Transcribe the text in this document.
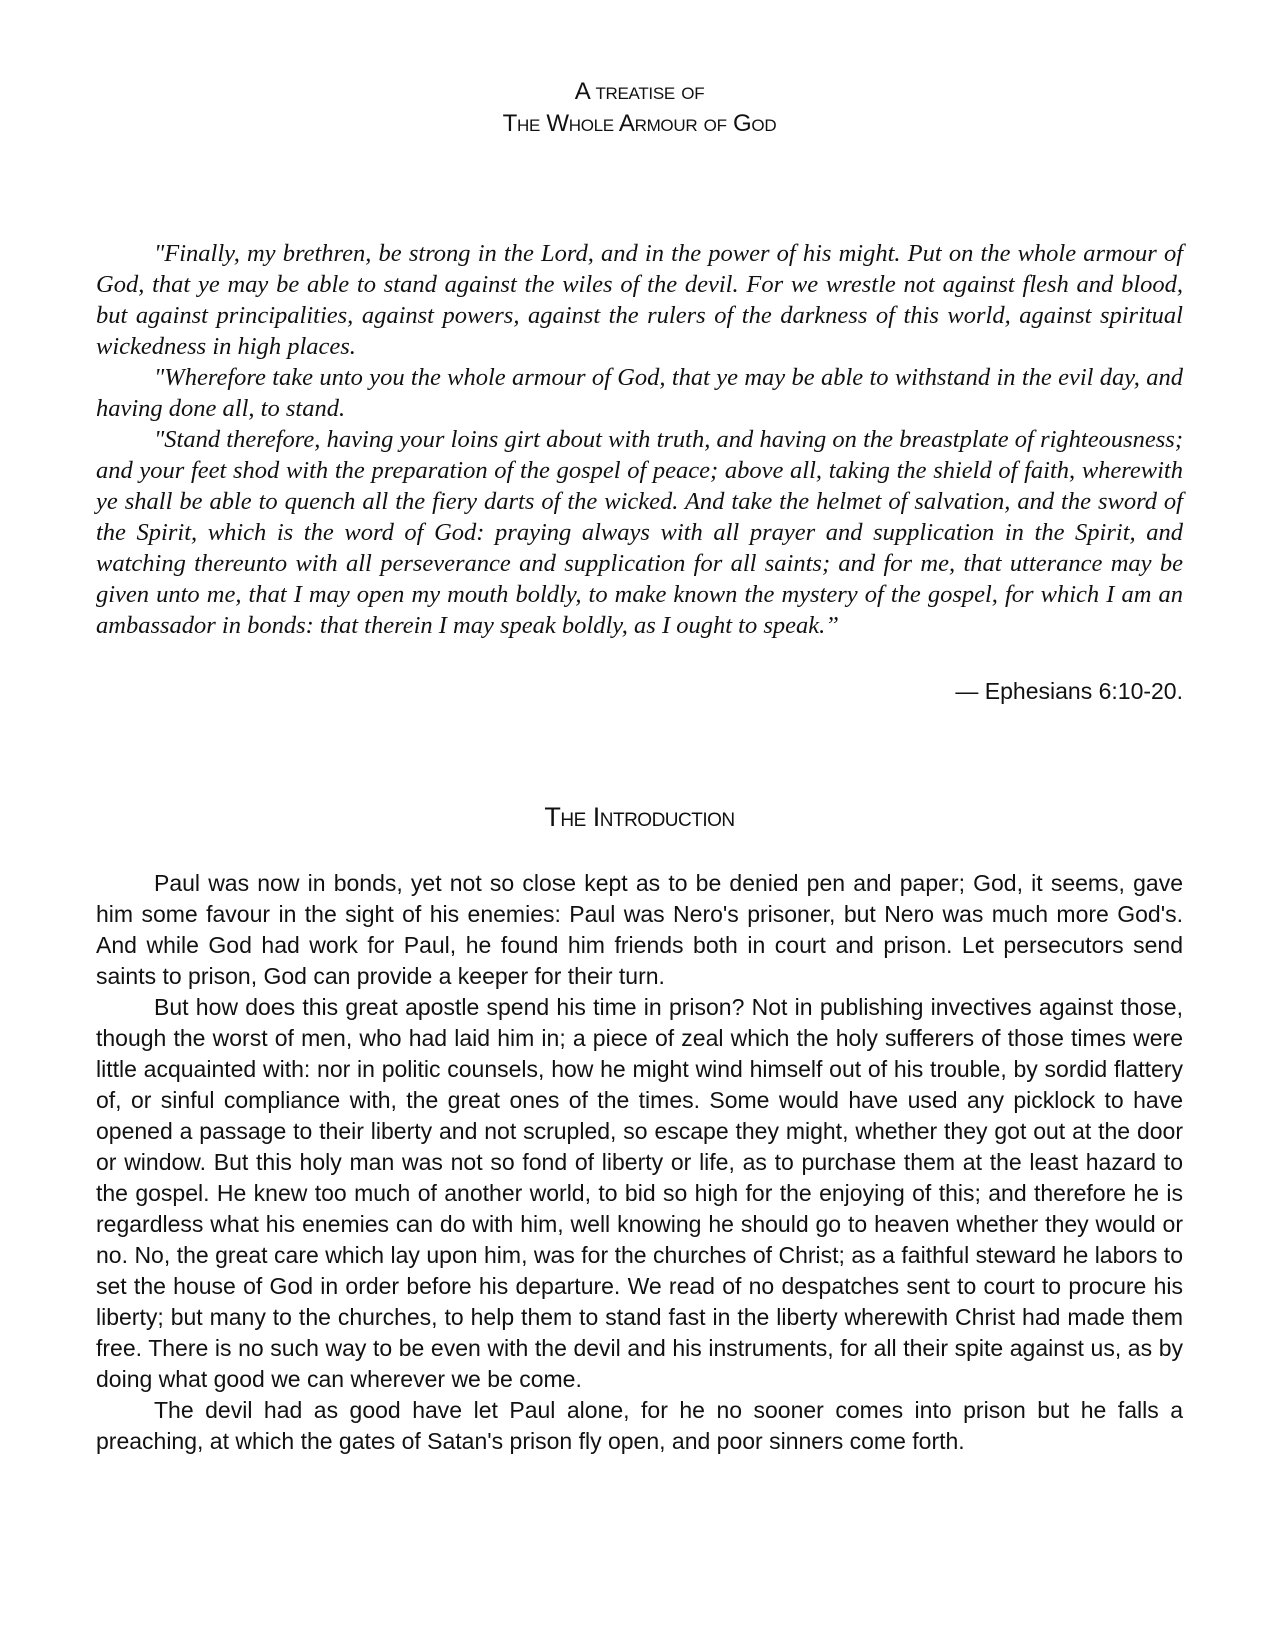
A treatise of
The Whole Armour of God

"Finally, my brethren, be strong in the Lord, and in the power of his might. Put on the whole armour of God, that ye may be able to stand against the wiles of the devil. For we wrestle not against flesh and blood, but against principalities, against powers, against the rulers of the darkness of this world, against spiritual wickedness in high places.

"Wherefore take unto you the whole armour of God, that ye may be able to withstand in the evil day, and having done all, to stand.

"Stand therefore, having your loins girt about with truth, and having on the breastplate of righteousness; and your feet shod with the preparation of the gospel of peace; above all, taking the shield of faith, wherewith ye shall be able to quench all the fiery darts of the wicked. And take the helmet of salvation, and the sword of the Spirit, which is the word of God: praying always with all prayer and supplication in the Spirit, and watching thereunto with all perseverance and supplication for all saints; and for me, that utterance may be given unto me, that I may open my mouth boldly, to make known the mystery of the gospel, for which I am an ambassador in bonds: that therein I may speak boldly, as I ought to speak.”

— Ephesians 6:10-20.
The Introduction

Paul was now in bonds, yet not so close kept as to be denied pen and paper; God, it seems, gave him some favour in the sight of his enemies: Paul was Nero's prisoner, but Nero was much more God's. And while God had work for Paul, he found him friends both in court and prison. Let persecutors send saints to prison, God can provide a keeper for their turn.

But how does this great apostle spend his time in prison? Not in publishing invectives against those, though the worst of men, who had laid him in; a piece of zeal which the holy sufferers of those times were little acquainted with: nor in politic counsels, how he might wind himself out of his trouble, by sordid flattery of, or sinful compliance with, the great ones of the times. Some would have used any picklock to have opened a passage to their liberty and not scrupled, so escape they might, whether they got out at the door or window. But this holy man was not so fond of liberty or life, as to purchase them at the least hazard to the gospel. He knew too much of another world, to bid so high for the enjoying of this; and therefore he is regardless what his enemies can do with him, well knowing he should go to heaven whether they would or no. No, the great care which lay upon him, was for the churches of Christ; as a faithful steward he labors to set the house of God in order before his departure. We read of no despatches sent to court to procure his liberty; but many to the churches, to help them to stand fast in the liberty wherewith Christ had made them free. There is no such way to be even with the devil and his instruments, for all their spite against us, as by doing what good we can wherever we be come.

The devil had as good have let Paul alone, for he no sooner comes into prison but he falls a preaching, at which the gates of Satan's prison fly open, and poor sinners come forth.
